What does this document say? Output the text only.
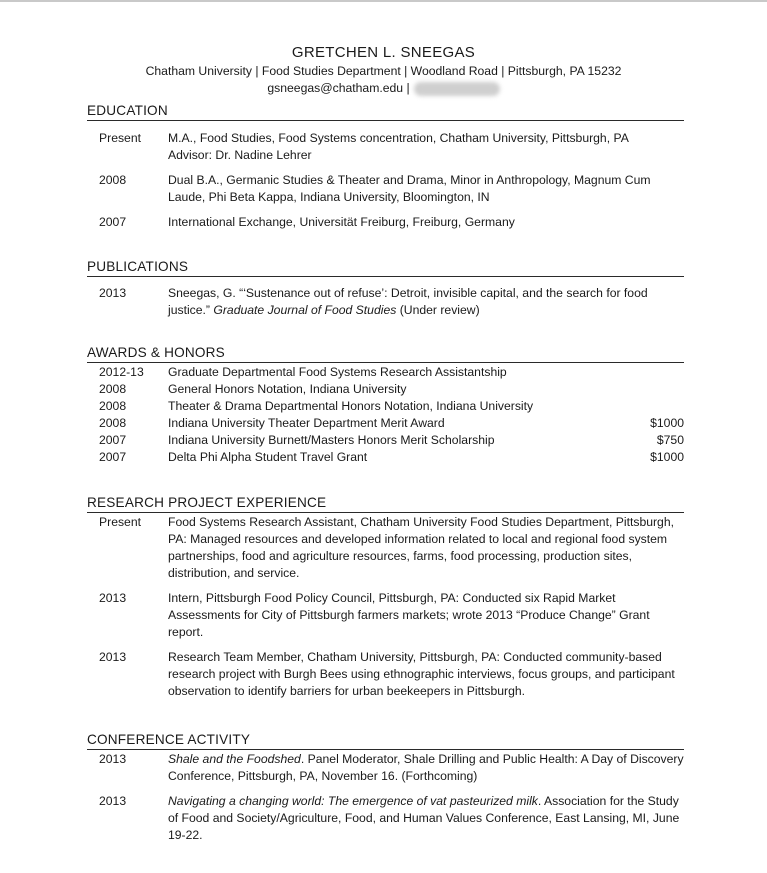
GRETCHEN L. SNEEGAS
Chatham University | Food Studies Department | Woodland Road | Pittsburgh, PA 15232
gsneegas@chatham.edu |
EDUCATION
Present	M.A., Food Studies, Food Systems concentration, Chatham University, Pittsburgh, PA
Advisor: Dr. Nadine Lehrer
2008	Dual B.A., Germanic Studies & Theater and Drama, Minor in Anthropology, Magnum Cum Laude, Phi Beta Kappa, Indiana University, Bloomington, IN
2007	International Exchange, Universität Freiburg, Freiburg, Germany
PUBLICATIONS
2013	Sneegas, G. “‘Sustenance out of refuse’: Detroit, invisible capital, and the search for food justice.” Graduate Journal of Food Studies (Under review)
AWARDS & HONORS
2012-13	Graduate Departmental Food Systems Research Assistantship
2008	General Honors Notation, Indiana University
2008	Theater & Drama Departmental Honors Notation, Indiana University
2008	Indiana University Theater Department Merit Award	$1000
2007	Indiana University Burnett/Masters Honors Merit Scholarship	$750
2007	Delta Phi Alpha Student Travel Grant	$1000
RESEARCH PROJECT EXPERIENCE
Present	Food Systems Research Assistant, Chatham University Food Studies Department, Pittsburgh, PA: Managed resources and developed information related to local and regional food system partnerships, food and agriculture resources, farms, food processing, production sites, distribution, and service.
2013	Intern, Pittsburgh Food Policy Council, Pittsburgh, PA: Conducted six Rapid Market Assessments for City of Pittsburgh farmers markets; wrote 2013 “Produce Change” Grant report.
2013	Research Team Member, Chatham University, Pittsburgh, PA: Conducted community-based research project with Burgh Bees using ethnographic interviews, focus groups, and participant observation to identify barriers for urban beekeepers in Pittsburgh.
CONFERENCE ACTIVITY
2013	Shale and the Foodshed. Panel Moderator, Shale Drilling and Public Health: A Day of Discovery Conference, Pittsburgh, PA, November 16. (Forthcoming)
2013	Navigating a changing world: The emergence of vat pasteurized milk. Association for the Study of Food and Society/Agriculture, Food, and Human Values Conference, East Lansing, MI, June 19-22.
